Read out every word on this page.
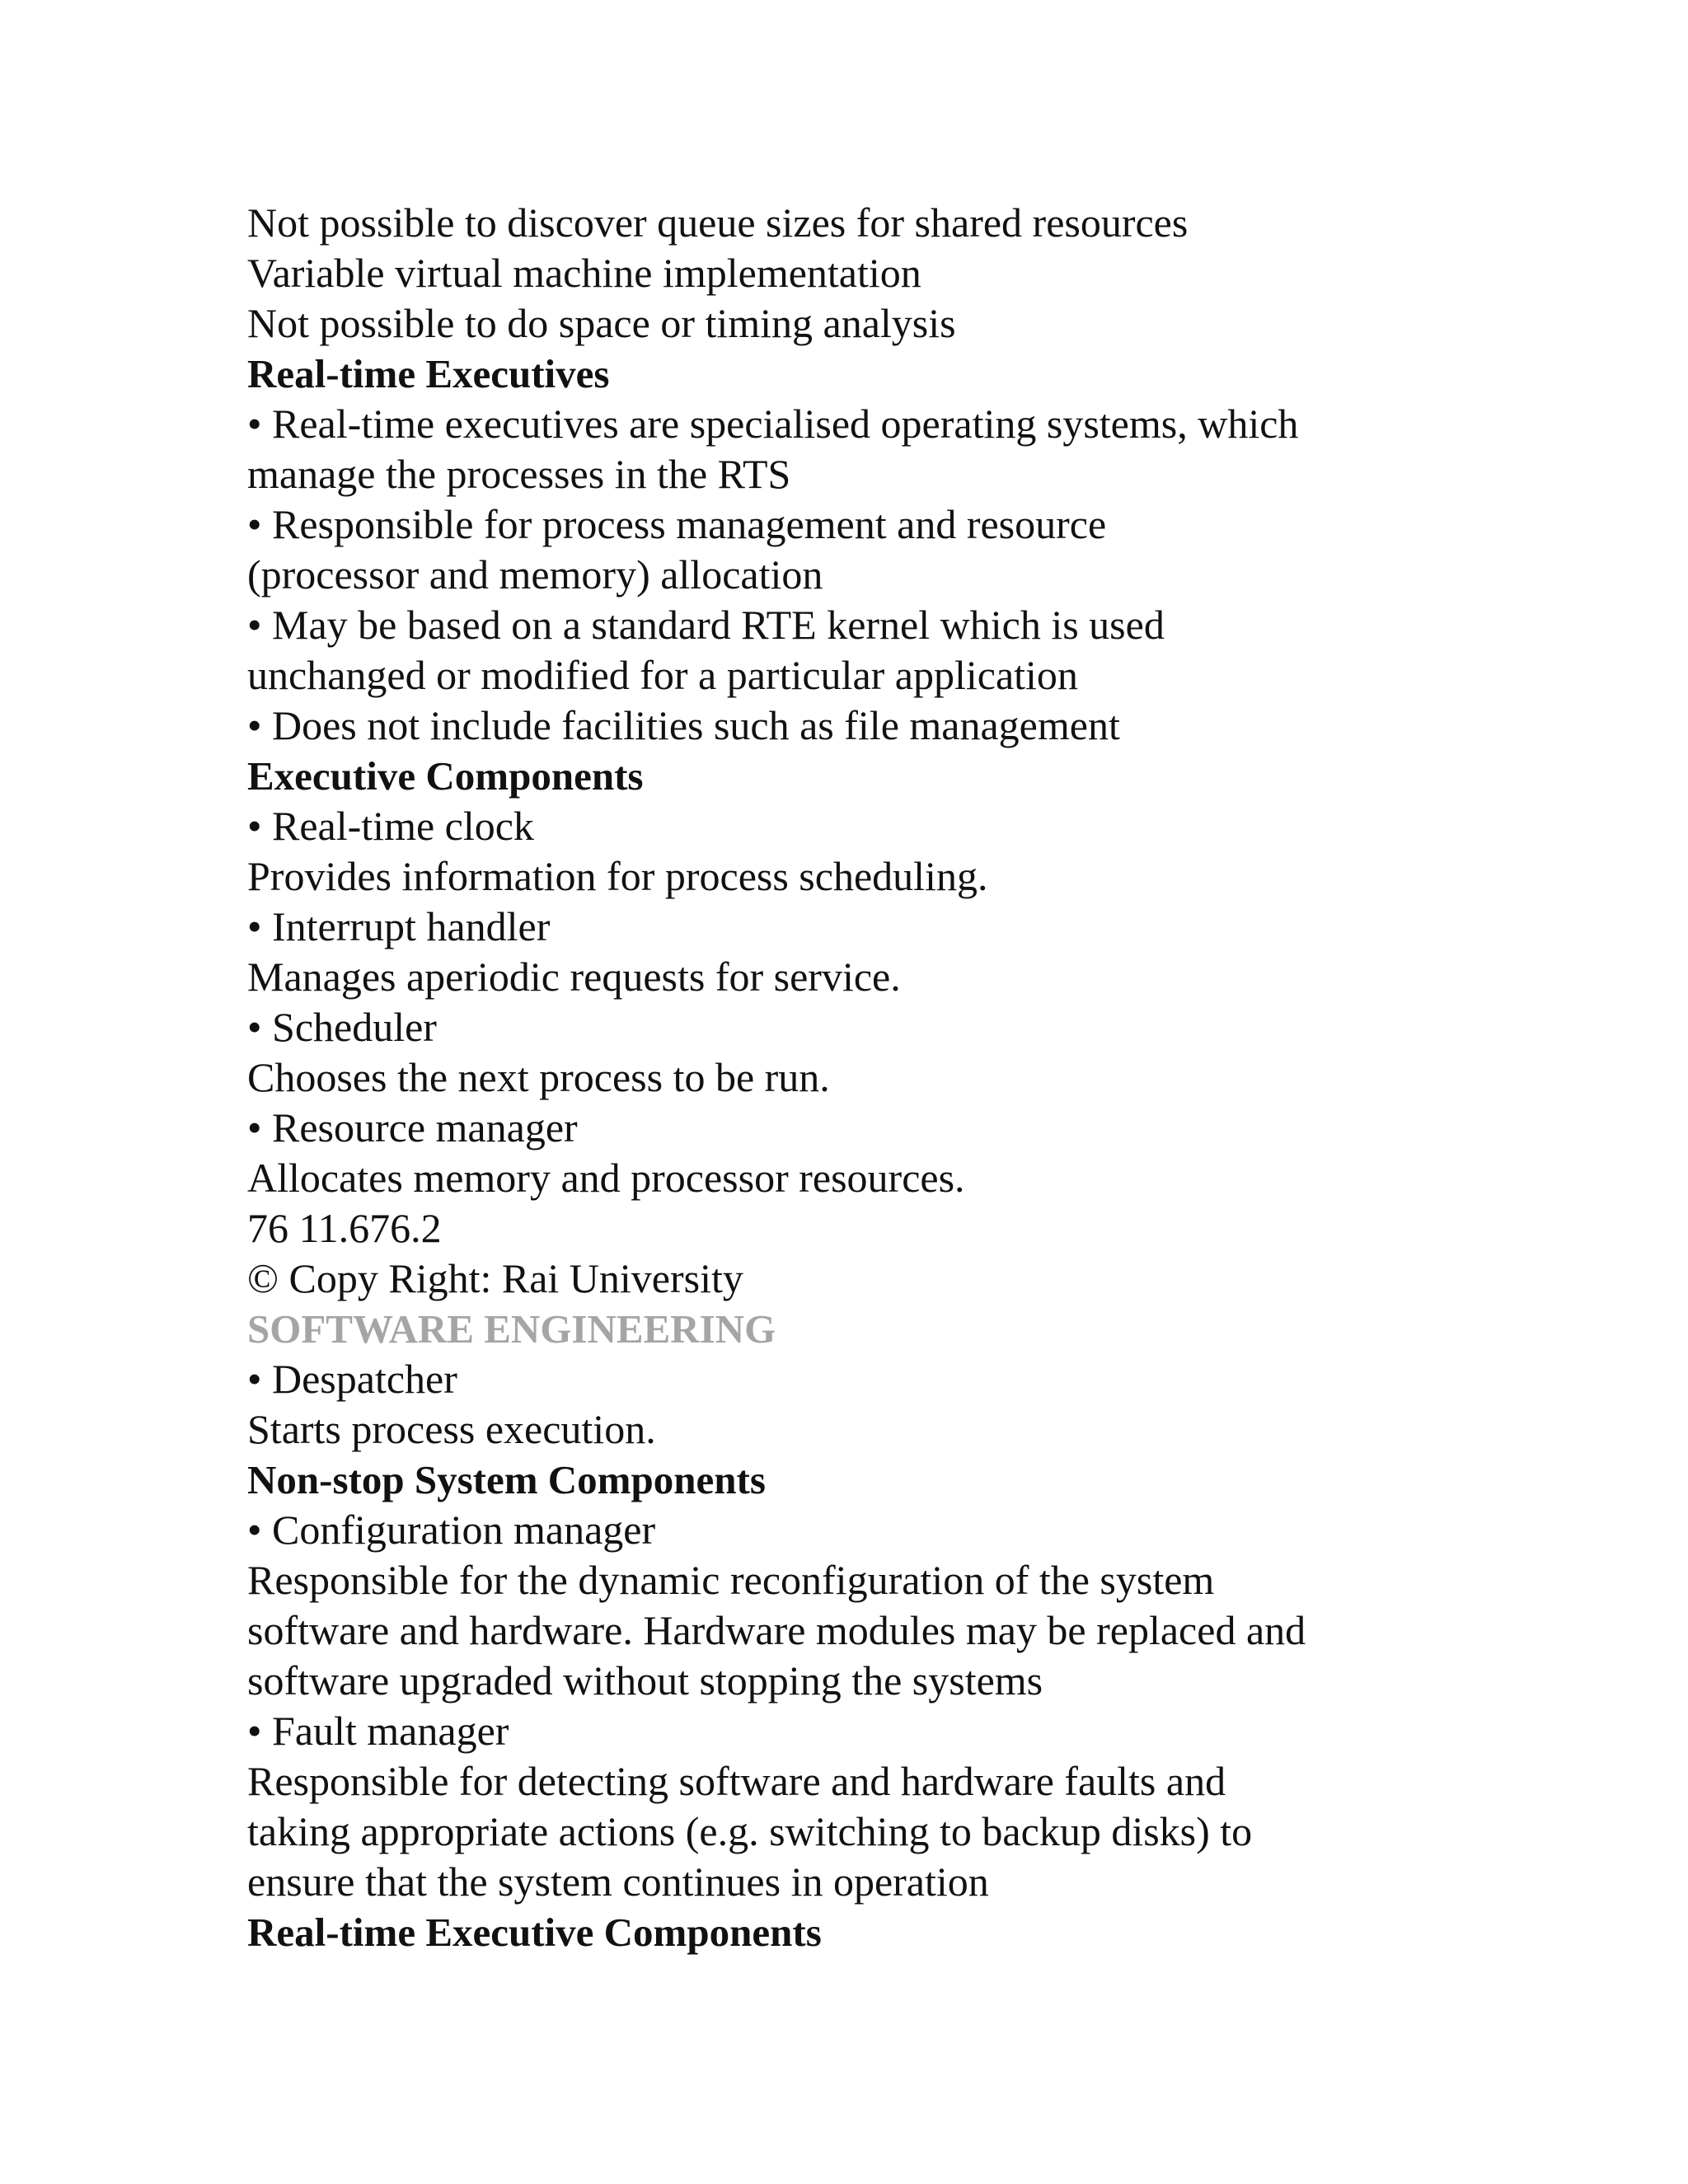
Not possible to discover queue sizes for shared resources
Variable virtual machine implementation
Not possible to do space or timing analysis
Real-time Executives
• Real-time executives are specialised operating systems, which
manage the processes in the RTS
• Responsible for process management and resource
(processor and memory) allocation
• May be based on a standard RTE kernel which is used
unchanged or modified for a particular application
• Does not include facilities such as file management
Executive Components
• Real-time clock
Provides information for process scheduling.
• Interrupt handler
Manages aperiodic requests for service.
• Scheduler
Chooses the next process to be run.
• Resource manager
Allocates memory and processor resources.
76 11.676.2
© Copy Right: Rai University
SOFTWARE ENGINEERING
• Despatcher
Starts process execution.
Non-stop System Components
• Configuration manager
Responsible for the dynamic reconfiguration of the system
software and hardware. Hardware modules may be replaced and
software upgraded without stopping the systems
• Fault manager
Responsible for detecting software and hardware faults and
taking appropriate actions (e.g. switching to backup disks) to
ensure that the system continues in operation
Real-time Executive Components
